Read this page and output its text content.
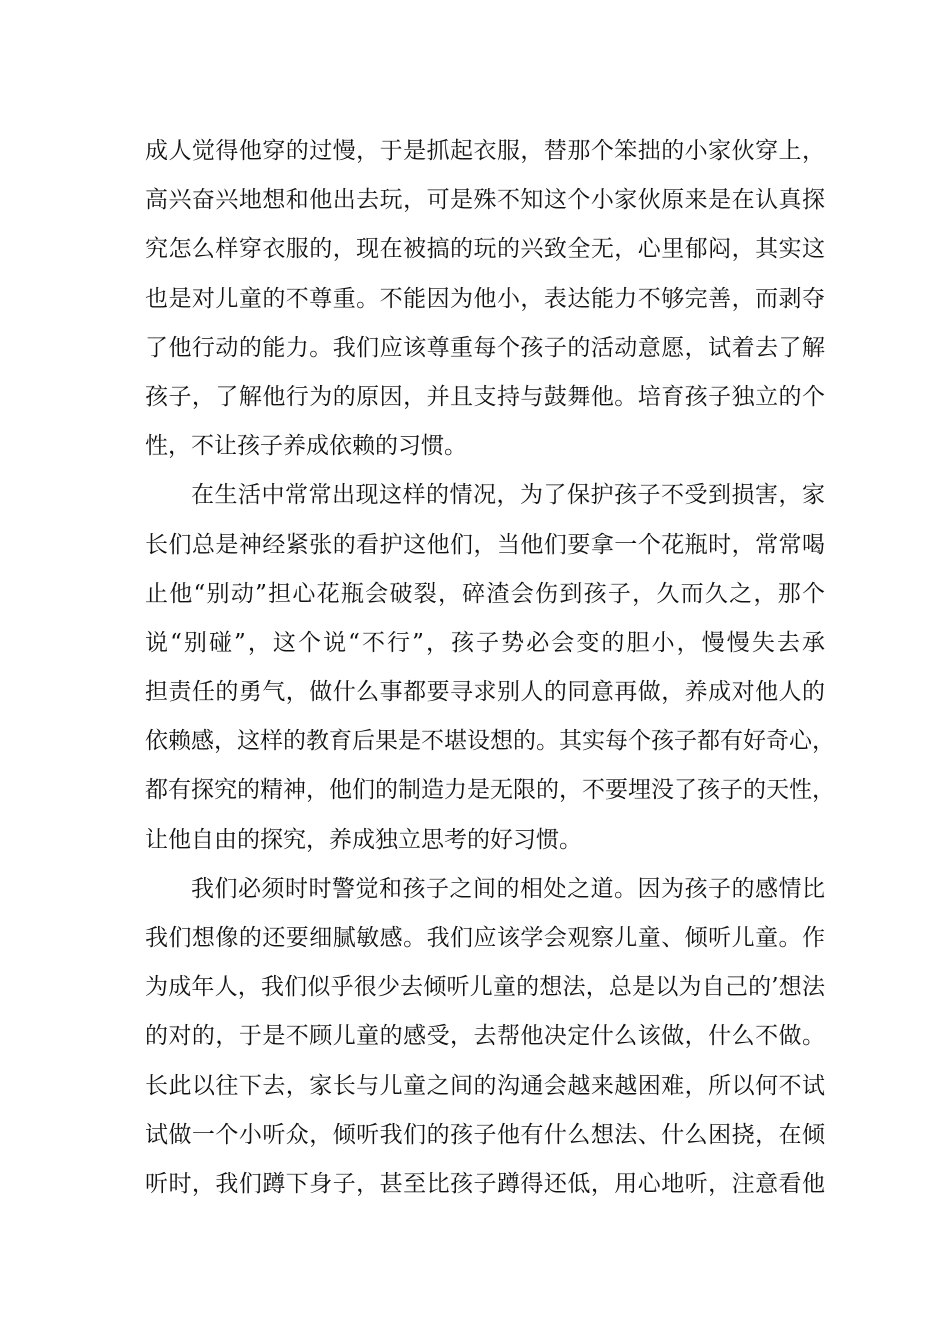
成人觉得他穿的过慢，于是抓起衣服，替那个笨拙的小家伙穿上，
高兴奋兴地想和他出去玩，可是殊不知这个小家伙原来是在认真探
究怎么样穿衣服的，现在被搞的玩的兴致全无，心里郁闷，其实这
也是对儿童的不尊重。不能因为他小，表达能力不够完善，而剥夺
了他行动的能力。我们应该尊重每个孩子的活动意愿，试着去了解
孩子，了解他行为的原因，并且支持与鼓舞他。培育孩子独立的个
性，不让孩子养成依赖的习惯。
在生活中常常出现这样的情况，为了保护孩子不受到损害，家
长们总是神经紧张的看护这他们，当他们要拿一个花瓶时，常常喝
止他“别动”担心花瓶会破裂，碎渣会伤到孩子，久而久之，那个
说“别碰”，这个说“不行”，孩子势必会变的胆小，慢慢失去承
担责任的勇气，做什么事都要寻求别人的同意再做，养成对他人的
依赖感，这样的教育后果是不堪设想的。其实每个孩子都有好奇心，
都有探究的精神，他们的制造力是无限的，不要埋没了孩子的天性，
让他自由的探究，养成独立思考的好习惯。
我们必须时时警觉和孩子之间的相处之道。因为孩子的感情比
我们想像的还要细腻敏感。我们应该学会观察儿童、倾听儿童。作
为成年人，我们似乎很少去倾听儿童的想法，总是以为自己的’想法
的对的，于是不顾儿童的感受，去帮他决定什么该做，什么不做。
长此以往下去，家长与儿童之间的沟通会越来越困难，所以何不试
试做一个小听众，倾听我们的孩子他有什么想法、什么困挠，在倾
听时，我们蹲下身子，甚至比孩子蹲得还低，用心地听，注意看他
